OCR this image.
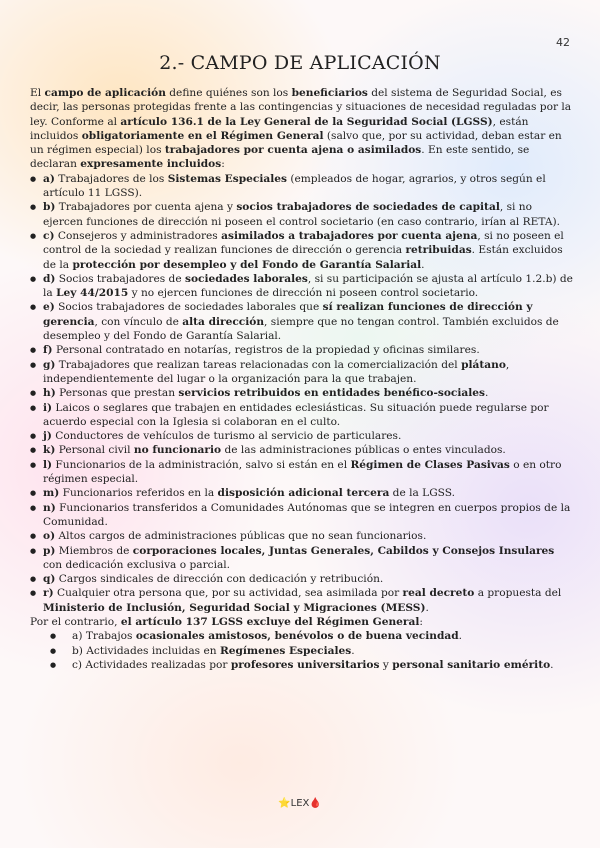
42
2.- CAMPO DE APLICACIÓN

El campo de aplicación define quiénes son los beneficiarios del sistema de Seguridad Social, es decir, las personas protegidas frente a las contingencias y situaciones de necesidad reguladas por la ley. Conforme al artículo 136.1 de la Ley General de la Seguridad Social (LGSS), están incluidos obligatoriamente en el Régimen General (salvo que, por su actividad, deban estar en un régimen especial) los trabajadores por cuenta ajena o asimilados. En este sentido, se declaran expresamente incluidos:

● a) Trabajadores de los Sistemas Especiales (empleados de hogar, agrarios, y otros según el artículo 11 LGSS).
● b) Trabajadores por cuenta ajena y socios trabajadores de sociedades de capital, si no ejercen funciones de dirección ni poseen el control societario (en caso contrario, irían al RETA).
● c) Consejeros y administradores asimilados a trabajadores por cuenta ajena, si no poseen el control de la sociedad y realizan funciones de dirección o gerencia retribuidas. Están excluidos de la protección por desempleo y del Fondo de Garantía Salarial.
● d) Socios trabajadores de sociedades laborales, si su participación se ajusta al artículo 1.2.b) de la Ley 44/2015 y no ejercen funciones de dirección ni poseen control societario.
● e) Socios trabajadores de sociedades laborales que sí realizan funciones de dirección y gerencia, con vínculo de alta dirección, siempre que no tengan control. También excluidos de desempleo y del Fondo de Garantía Salarial.
● f) Personal contratado en notarías, registros de la propiedad y oficinas similares.
● g) Trabajadores que realizan tareas relacionadas con la comercialización del plátano, independientemente del lugar o la organización para la que trabajen.
● h) Personas que prestan servicios retribuidos en entidades benéfico-sociales.
● i) Laicos o seglares que trabajen en entidades eclesiásticas. Su situación puede regularse por acuerdo especial con la Iglesia si colaboran en el culto.
● j) Conductores de vehículos de turismo al servicio de particulares.
● k) Personal civil no funcionario de las administraciones públicas o entes vinculados.
● l) Funcionarios de la administración, salvo si están en el Régimen de Clases Pasivas o en otro régimen especial.
● m) Funcionarios referidos en la disposición adicional tercera de la LGSS.
● n) Funcionarios transferidos a Comunidades Autónomas que se integren en cuerpos propios de la Comunidad.
● o) Altos cargos de administraciones públicas que no sean funcionarios.
● p) Miembros de corporaciones locales, Juntas Generales, Cabildos y Consejos Insulares con dedicación exclusiva o parcial.
● q) Cargos sindicales de dirección con dedicación y retribución.
● r) Cualquier otra persona que, por su actividad, sea asimilada por real decreto a propuesta del Ministerio de Inclusión, Seguridad Social y Migraciones (MESS).

Por el contrario, el artículo 137 LGSS excluye del Régimen General:

● a) Trabajos ocasionales amistosos, benévolos o de buena vecindad.
● b) Actividades incluidas en Regímenes Especiales.
● c) Actividades realizadas por profesores universitarios y personal sanitario emérito.
⭐LEX🩸
